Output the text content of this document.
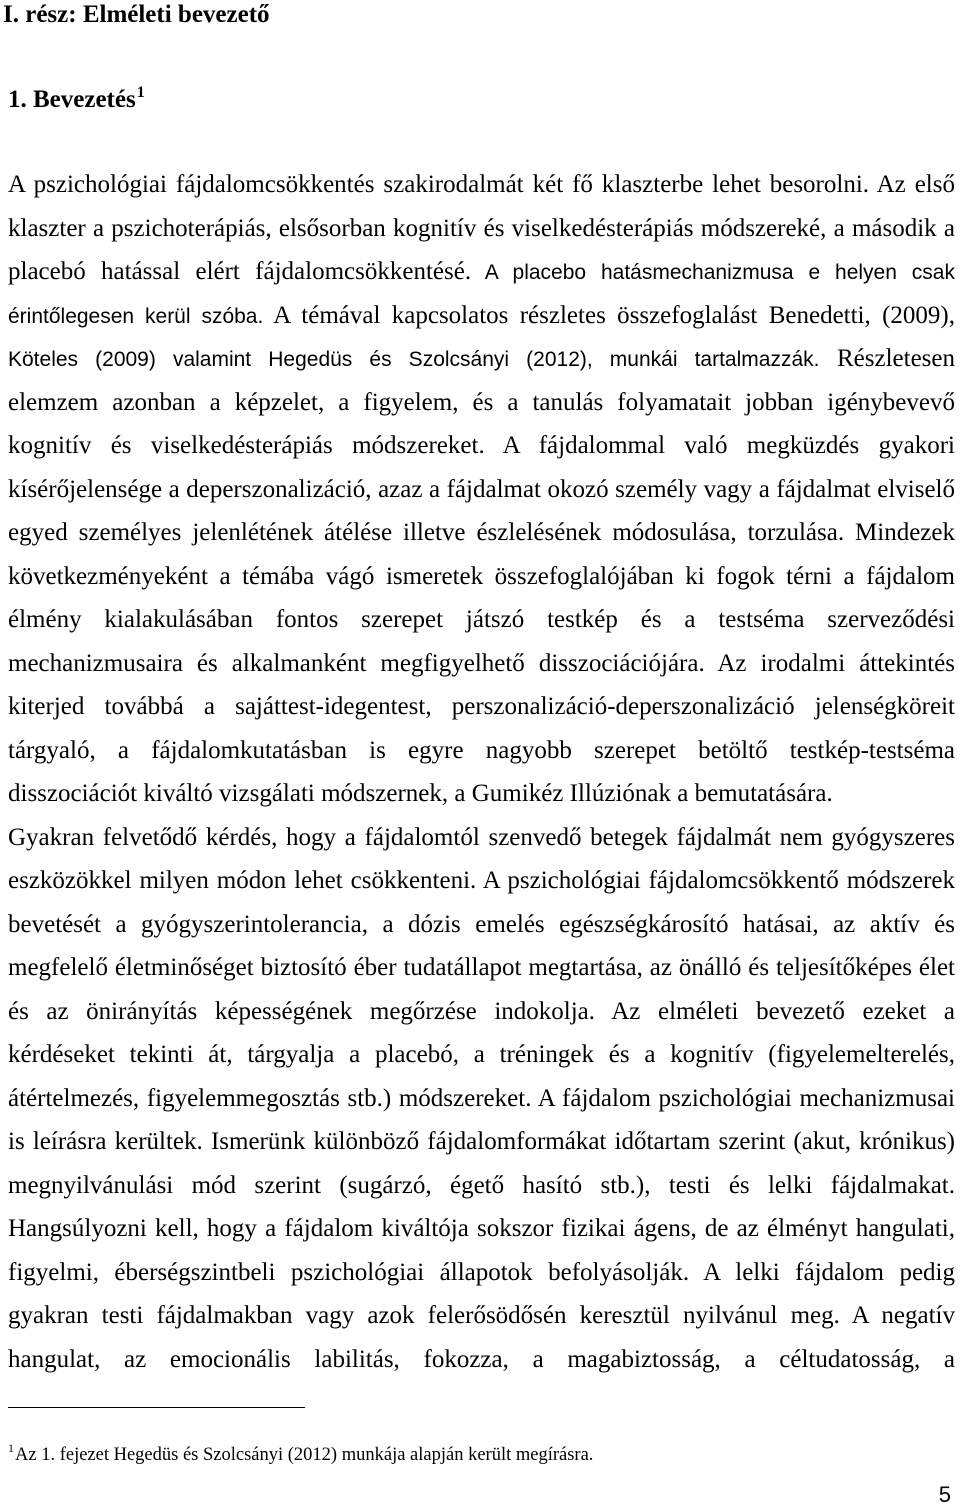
I. rész: Elméleti bevezető
1. Bevezetés$^1$
A pszichológiai fájdalomcsökkentés szakirodalmát két fő klaszterbe lehet besorolni. Az első
klaszter a pszichoterápiás, elsősorban kognitív és viselkedésterápiás módszereké, a második a
placebó hatással elért fájdalomcsökkentésé. A placebo hatásmechanizmusa e helyen csak
érintőlegesen kerül szóba. A témával kapcsolatos részletes összefoglalást Benedetti, (2009),
Köteles (2009) valamint Hegedüs és Szolcsányi (2012), munkái tartalmazzák. Részletesen
elemzem azonban a képzelet, a figyelem, és a tanulás folyamatait jobban igénybevevő
kognitív és viselkedésterápiás módszereket. A fájdalommal való megküzdés gyakori
kísérőjelensége a deperszonalizáció, azaz a fájdalmat okozó személy vagy a fájdalmat elviselő
egyed személyes jelenlétének átélése illetve észlelésének módosulása, torzulása. Mindezek
következményeként a témába vágó ismeretek összefoglalójában ki fogok térni a fájdalom
élmény kialakulásában fontos szerepet játszó testkép és a testséma szerveződési
mechanizmusaira és alkalmanként megfigyelhető disszociációjára. Az irodalmi áttekintés
kiterjed továbbá a sajáttest-idegentest, perszonalizáció-deperszonalizáció jelenségköreit
tárgyaló, a fájdalomkutatásban is egyre nagyobb szerepet betöltő testkép-testséma
disszociációt kiváltó vizsgálati módszernek, a Gumikéz Illúziónak a bemutatására.
Gyakran felvetődő kérdés, hogy a fájdalomtól szenvedő betegek fájdalmát nem gyógyszeres
eszközökkel milyen módon lehet csökkenteni. A pszichológiai fájdalomcsökkentő módszerek
bevetését a gyógyszerintolerancia, a dózis emelés egészségkárosító hatásai, az aktív és
megfelelő életminőséget biztosító éber tudatállapot megtartása, az önálló és teljesítőképes élet
és az önirányítás képességének megőrzése indokolja. Az elméleti bevezető ezeket a
kérdéseket tekinti át, tárgyalja a placebó, a tréningek és a kognitív (figyelemelterelés,
átértelmezés, figyelemmegosztás stb.) módszereket. A fájdalom pszichológiai mechanizmusai
is leírásra kerültek. Ismerünk különböző fájdalomformákat időtartam szerint (akut, krónikus)
megnyilvánulási mód szerint (sugárzó, égető hasító stb.), testi és lelki fájdalmakat.
Hangsúlyozni kell, hogy a fájdalom kiváltója sokszor fizikai ágens, de az élményt hangulati,
figyelmi, éberségszintbeli pszichológiai állapotok befolyásolják. A lelki fájdalom pedig
gyakran testi fájdalmakban vagy azok felerősödősén keresztül nyilvánul meg. A negatív
hangulat, az emocionális labilitás, fokozza, a magabiztosság, a céltudatosság, a
$^1$Az 1. fejezet Hegedüs és Szolcsányi (2012) munkája alapján került megírásra.
5
